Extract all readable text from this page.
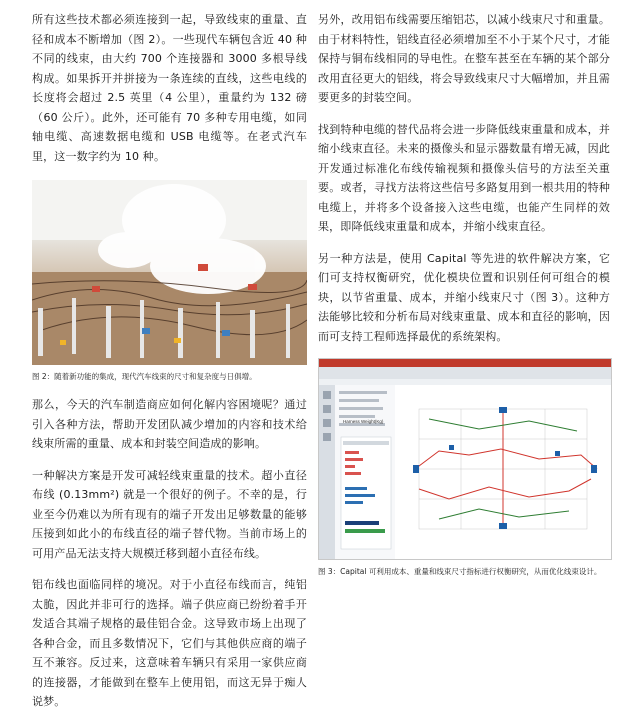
所有这些技术都必须连接到一起，导致线束的重量、直径和成本不断增加（图 2）。一些现代车辆包含近 40 种不同的线束，由大约 700 个连接器和 3000 多根导线构成。如果拆开并拼接为一条连续的直线，这些电线的长度将会超过 2.5 英里（4 公里），重量约为 132 磅（60 公斤）。此外，还可能有 70 多种专用电缆，如同轴电缆、高速数据电缆和 USB 电缆等。在老式汽车里，这一数字约为 10 种。

图 2：随着新功能的集成，现代汽车线束的尺寸和复杂度与日俱增。

那么，今天的汽车制造商应如何化解内容困境呢？通过引入各种方法，帮助开发团队减少增加的内容和技术给线束所需的重量、成本和封装空间造成的影响。

一种解决方案是开发可减轻线束重量的技术。超小直径布线 (0.13mm²) 就是一个很好的例子。不幸的是，行业至今仍难以为所有现有的端子开发出足够数量的能够压接到如此小的布线直径的端子替代物。当前市场上的可用产品无法支持大规模迁移到超小直径布线。

铝布线也面临同样的境况。对于小直径布线而言，纯铝太脆，因此并非可行的选择。端子供应商已纷纷着手开发适合其端子规格的最佳铝合金。这导致市场上出现了各种合金，而且多数情况下，它们与其他供应商的端子互不兼容。反过来，这意味着车辆只有采用一家供应商的连接器，才能做到在整车上使用铝，而这无异于痴人说梦。

另外，改用铝布线需要压缩铝芯，以减小线束尺寸和重量。由于材料特性，铝线直径必须增加至不小于某个尺寸，才能保持与铜布线相同的导电性。在整车甚至在车辆的某个部分改用直径更大的铝线，将会导致线束尺寸大幅增加，并且需要更多的封装空间。

找到特种电缆的替代品将会进一步降低线束重量和成本，并缩小线束直径。未来的摄像头和显示器数量有增无减，因此开发通过标准化布线传输视频和摄像头信号的方法至关重要。或者，寻找方法将这些信号多路复用到一根共用的特种电缆上，并将多个设备接入这些电缆，也能产生同样的效果，即降低线束重量和成本，并缩小线束直径。

另一种方法是，使用 Capital 等先进的软件解决方案，它们可支持权衡研究，优化模块位置和识别任何可组合的模块，以节省重量、成本，并缩小线束尺寸（图 3）。这种方法能够比较和分析布局对线束重量、成本和直径的影响，因而可支持工程师选择最优的系统架构。

Harness Weight(Kg)
图 3：Capital 可利用成本、重量和线束尺寸指标进行权衡研究，从而优化线束设计。
